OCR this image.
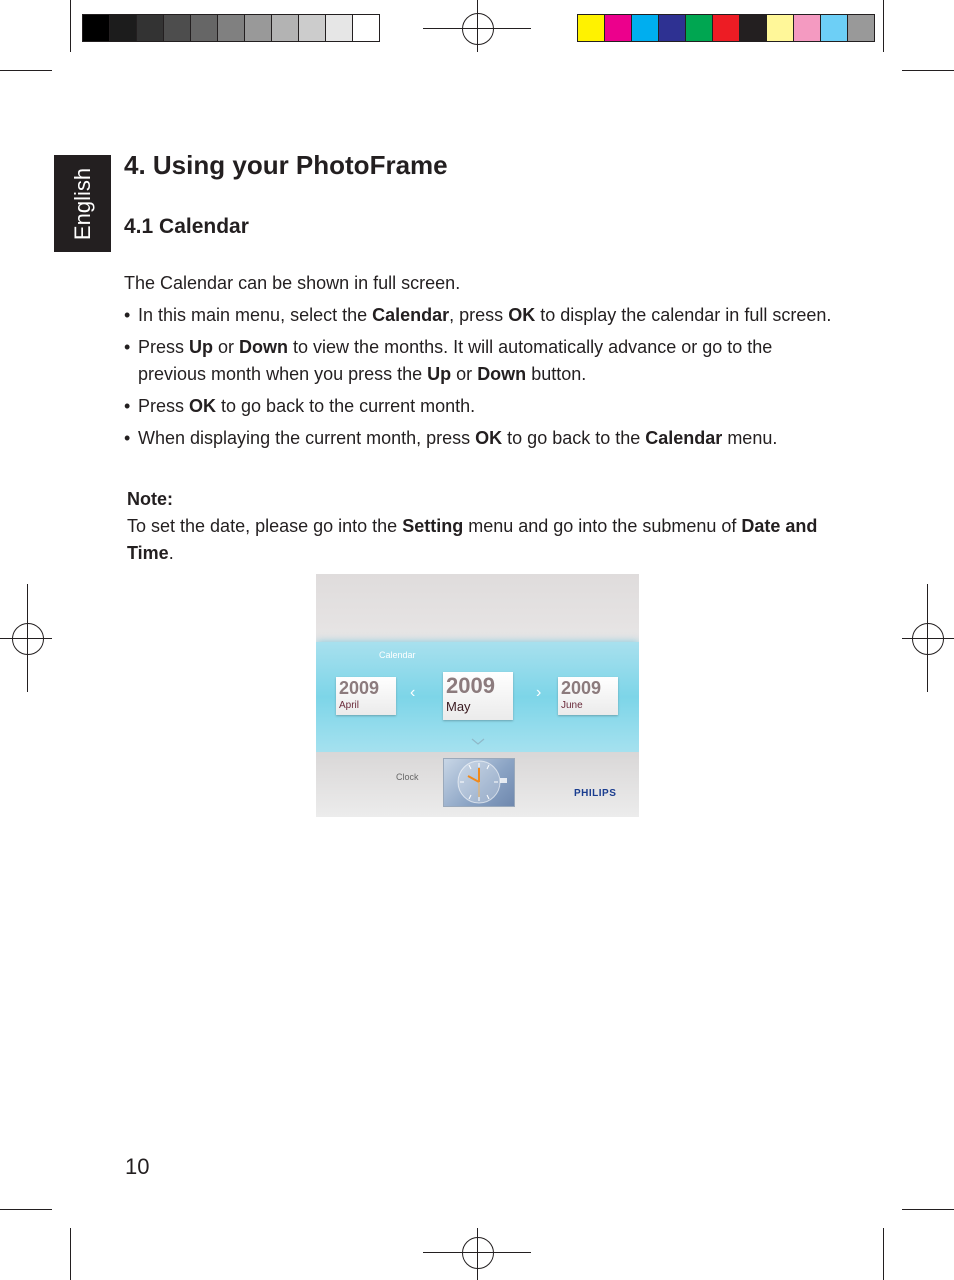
English
4. Using your PhotoFrame
4.1 Calendar
The Calendar can be shown in full screen.
• In this main menu, select the Calendar, press OK to display the calendar in full screen.
• Press Up or Down to view the months. It will automatically advance or go to the previous month when you press the Up or Down button.
• Press OK to go back to the current month.
• When displaying the current month, press OK to go back to the Calendar menu.
Note:
To set the date, please go into the Setting menu and go into the submenu of Date and Time.
Calendar
2009
April
‹ 2009
May
› 2009
June
Clock
PHILIPS
10
